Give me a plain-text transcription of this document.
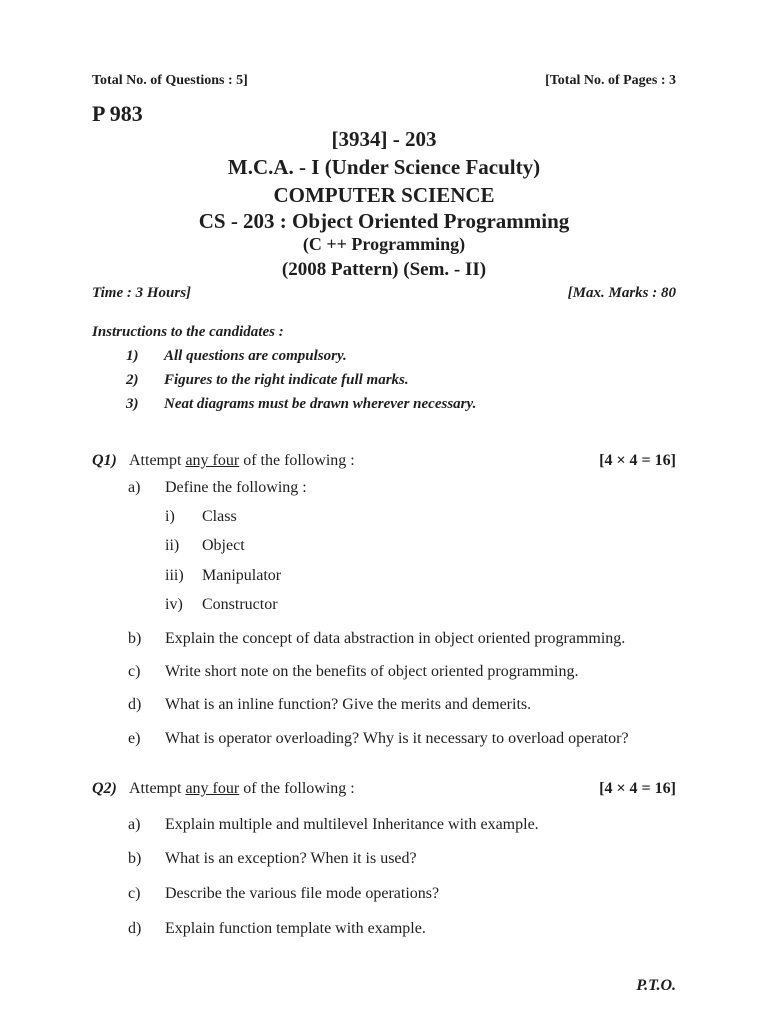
Total No. of Questions : 5]	[Total No. of Pages : 3
P 983
[3934] - 203
M.C.A. - I (Under Science Faculty)
COMPUTER SCIENCE
CS - 203 : Object Oriented Programming
(C ++ Programming)
(2008 Pattern) (Sem. - II)
Time : 3 Hours]	[Max. Marks : 80
Instructions to the candidates :
1) All questions are compulsory.
2) Figures to the right indicate full marks.
3) Neat diagrams must be drawn wherever necessary.
Q1) Attempt any four of the following :	[4 × 4 = 16]
a) Define the following :
i) Class
ii) Object
iii) Manipulator
iv) Constructor
b) Explain the concept of data abstraction in object oriented programming.
c) Write short note on the benefits of object oriented programming.
d) What is an inline function? Give the merits and demerits.
e) What is operator overloading? Why is it necessary to overload operator?
Q2) Attempt any four of the following :	[4 × 4 = 16]
a) Explain multiple and multilevel Inheritance with example.
b) What is an exception? When it is used?
c) Describe the various file mode operations?
d) Explain function template with example.
P.T.O.
